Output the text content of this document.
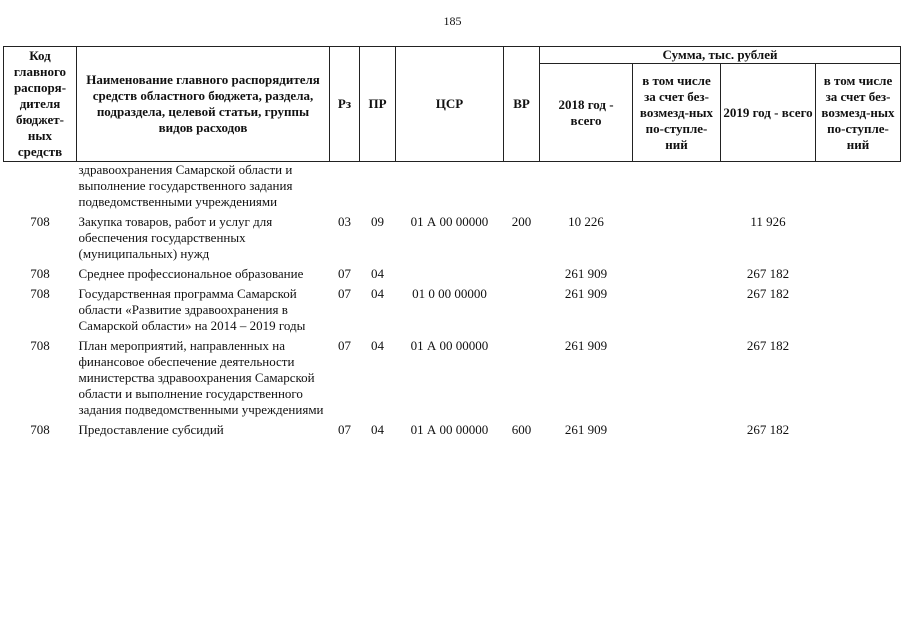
185
Код главного распоря-дителя бюджет-ных средств	Наименование главного распорядителя средств областного бюджета, раздела, подраздела, целевой статьи, группы видов расходов	Рз	ПР	ЦСР	ВР	Сумма, тыс. рублей			
						2018 год - всего	в том числе за счет без-возмезд-ных по-ступле-ний	2019 год - всего	в том числе за счет без-возмезд-ных по-ступле-ний
	здравоохранения Самарской области и выполнение государственного задания подведомственными учреждениями								
708	Закупка товаров, работ и услуг для обеспечения государственных (муниципальных) нужд	03	09	01 А 00 00000	200	10 226		11 926	
708	Среднее профессиональное образование	07	04			261 909		267 182	
708	Государственная программа Самарской области «Развитие здравоохранения в Самарской области» на 2014 – 2019 годы	07	04	01 0 00 00000		261 909		267 182	
708	План мероприятий, направленных на финансовое обеспечение деятельности министерства здравоохранения Самарской области и выполнение государственного задания подведомственными учреждениями	07	04	01 А 00 00000		261 909		267 182	
708	Предоставление субсидий	07	04	01 А 00 00000	600	261 909		267 182	
